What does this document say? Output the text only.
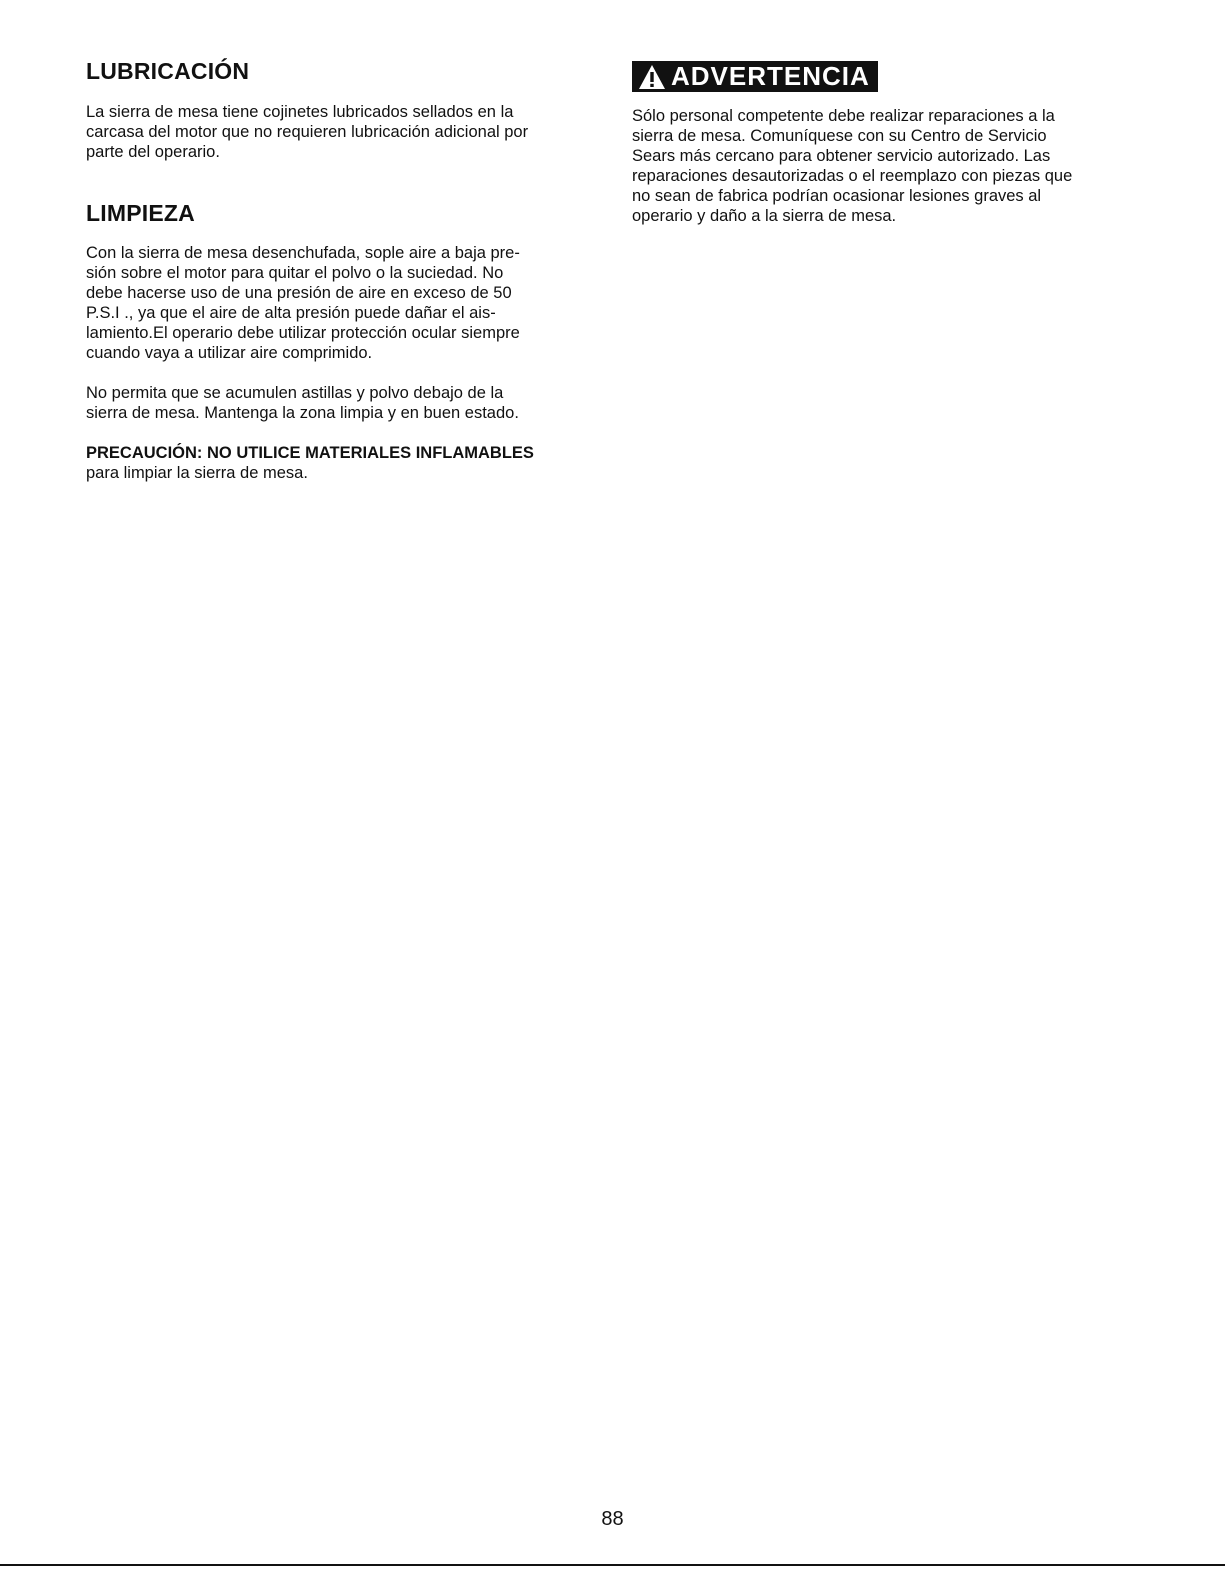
LUBRICACIÓN

La sierra de mesa tiene cojinetes lubricados sellados en la
carcasa del motor que no requieren lubricación adicional por
parte del operario.

LIMPIEZA

Con la sierra de mesa desenchufada, sople aire a baja pre-
sión sobre el motor para quitar el polvo o la suciedad. No
debe hacerse uso de una presión de aire en exceso de 50
P.S.I ., ya que el aire de alta presión puede dañar el ais-
lamiento.El operario debe utilizar protección ocular siempre
cuando vaya a utilizar aire comprimido.

No permita que se acumulen astillas y polvo debajo de la
sierra de mesa. Mantenga la zona limpia y en buen estado.

PRECAUCIÓN: NO UTILICE MATERIALES INFLAMABLES
para limpiar la sierra de mesa.

ADVERTENCIA

Sólo personal competente debe realizar reparaciones a la
sierra de mesa. Comuníquese con su Centro de Servicio
Sears más cercano para obtener servicio autorizado. Las
reparaciones desautorizadas o el reemplazo con piezas que
no sean de fabrica podrían ocasionar lesiones graves al
operario y daño a la sierra de mesa.

88
